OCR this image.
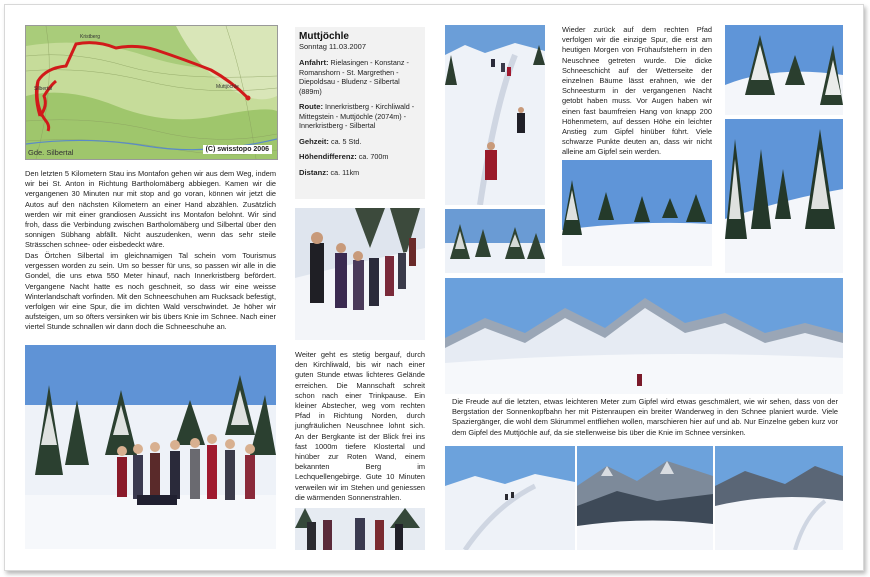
Kristberg
Silbertal	Muttjöchle
Gde. Silbertal	(C) swisstopo 2006

Den letzten 5 Kilometern Stau ins Montafon gehen wir aus dem Weg, indem wir bei St. Anton in Richtung Bartholomäberg abbiegen. Kamen wir die vergangenen 30 Minuten nur mit stop and go voran, können wir jetzt die Autos auf den nächsten Kilometern an einer Hand abzählen. Zusätzlich werden wir mit einer grandiosen Aussicht ins Montafon belohnt. Wir sind froh, dass die Verbindung zwischen Bartholomäberg und Silbertal über den sonnigen Sübhang abfällt. Nicht auszudenken, wenn das sehr steile Strässchen schnee- oder eisbedeckt wäre.

Das Örtchen Silbertal im gleichnamigen Tal schein vom Tourismus vergessen worden zu sein. Um so besser für uns, so passen wir alle in die Gondel, die uns etwa 550 Meter hinauf, nach Innerkristberg befördert. Vergangene Nacht hatte es noch geschneit, so dass wir eine weisse Winterlandschaft vorfinden. Mit den Schneeschuhen am Rucksack befestigt, verfolgen wir eine Spur, die im dichten Wald verschwindet. Je höher wir aufsteigen, um so öfters versinken wir bis übers Knie im Schnee. Nach einer viertel Stunde schnallen wir dann doch die Schneeschuhe an.

Muttjöchle

Sonntag 11.03.2007

Anfahrt: Rielasingen - Konstanz - Romanshorn - St. Margrethen - Diepoldsau - Bludenz - Silbertal (889m)

Route: Innerkristberg - Kirchliwald - Mittegstein - Muttjöchle (2074m) - Innerkristberg - Silbertal

Gehzeit: ca. 5 Std.

Höhendifferenz: ca. 700m

Distanz: ca. 11km

Weiter geht es stetig bergauf, durch den Kirchliwald, bis wir nach einer guten Stunde etwas lichteres Gelände erreichen. Die Mannschaft schreit schon nach einer Trinkpause. Ein kleiner Abstecher, weg vom rechten Pfad in Richtung Norden, durch jungfräulichen Neuschnee lohnt sich. An der Bergkante ist der Blick frei ins fast 1000m tiefere Klostertal und hinüber zur Roten Wand, einem bekannten Berg im Lechquellengebirge. Gute 10 Minuten verweilen wir im Stehen und geniessen die wärmenden Sonnenstrahlen.

Wieder zurück auf dem rechten Pfad verfolgen wir die einzige Spur, die erst am heutigen Morgen von Frühaufstehern in den Neuschnee getreten wurde. Die dicke Schneeschicht auf der Wetterseite der einzelnen Bäume lässt erahnen, wie der Schneesturm in der vergangenen Nacht getobt haben muss. Vor Augen haben wir einen fast baumfreien Hang von knapp 200 Höhenmetern, auf dessen Höhe ein leichter Anstieg zum Gipfel hinüber führt. Viele schwarze Punkte deuten an, dass wir nicht alleine am Gipfel sein werden.

Die Freude auf die letzten, etwas leichteren Meter zum Gipfel wird etwas geschmälert, wie wir sehen, dass von der Bergstation der Sonnenkopfbahn her mit Pistenraupen ein breiter Wanderweg in den Schnee planiert wurde. Viele Spaziergänger, die wohl dem Skirummel entfliehen wollen, marschieren hier auf und ab. Nur Einzelne geben kurz vor dem Gipfel des Muttjöchle auf, da sie stellenweise bis über die Knie im Schnee versinken.
